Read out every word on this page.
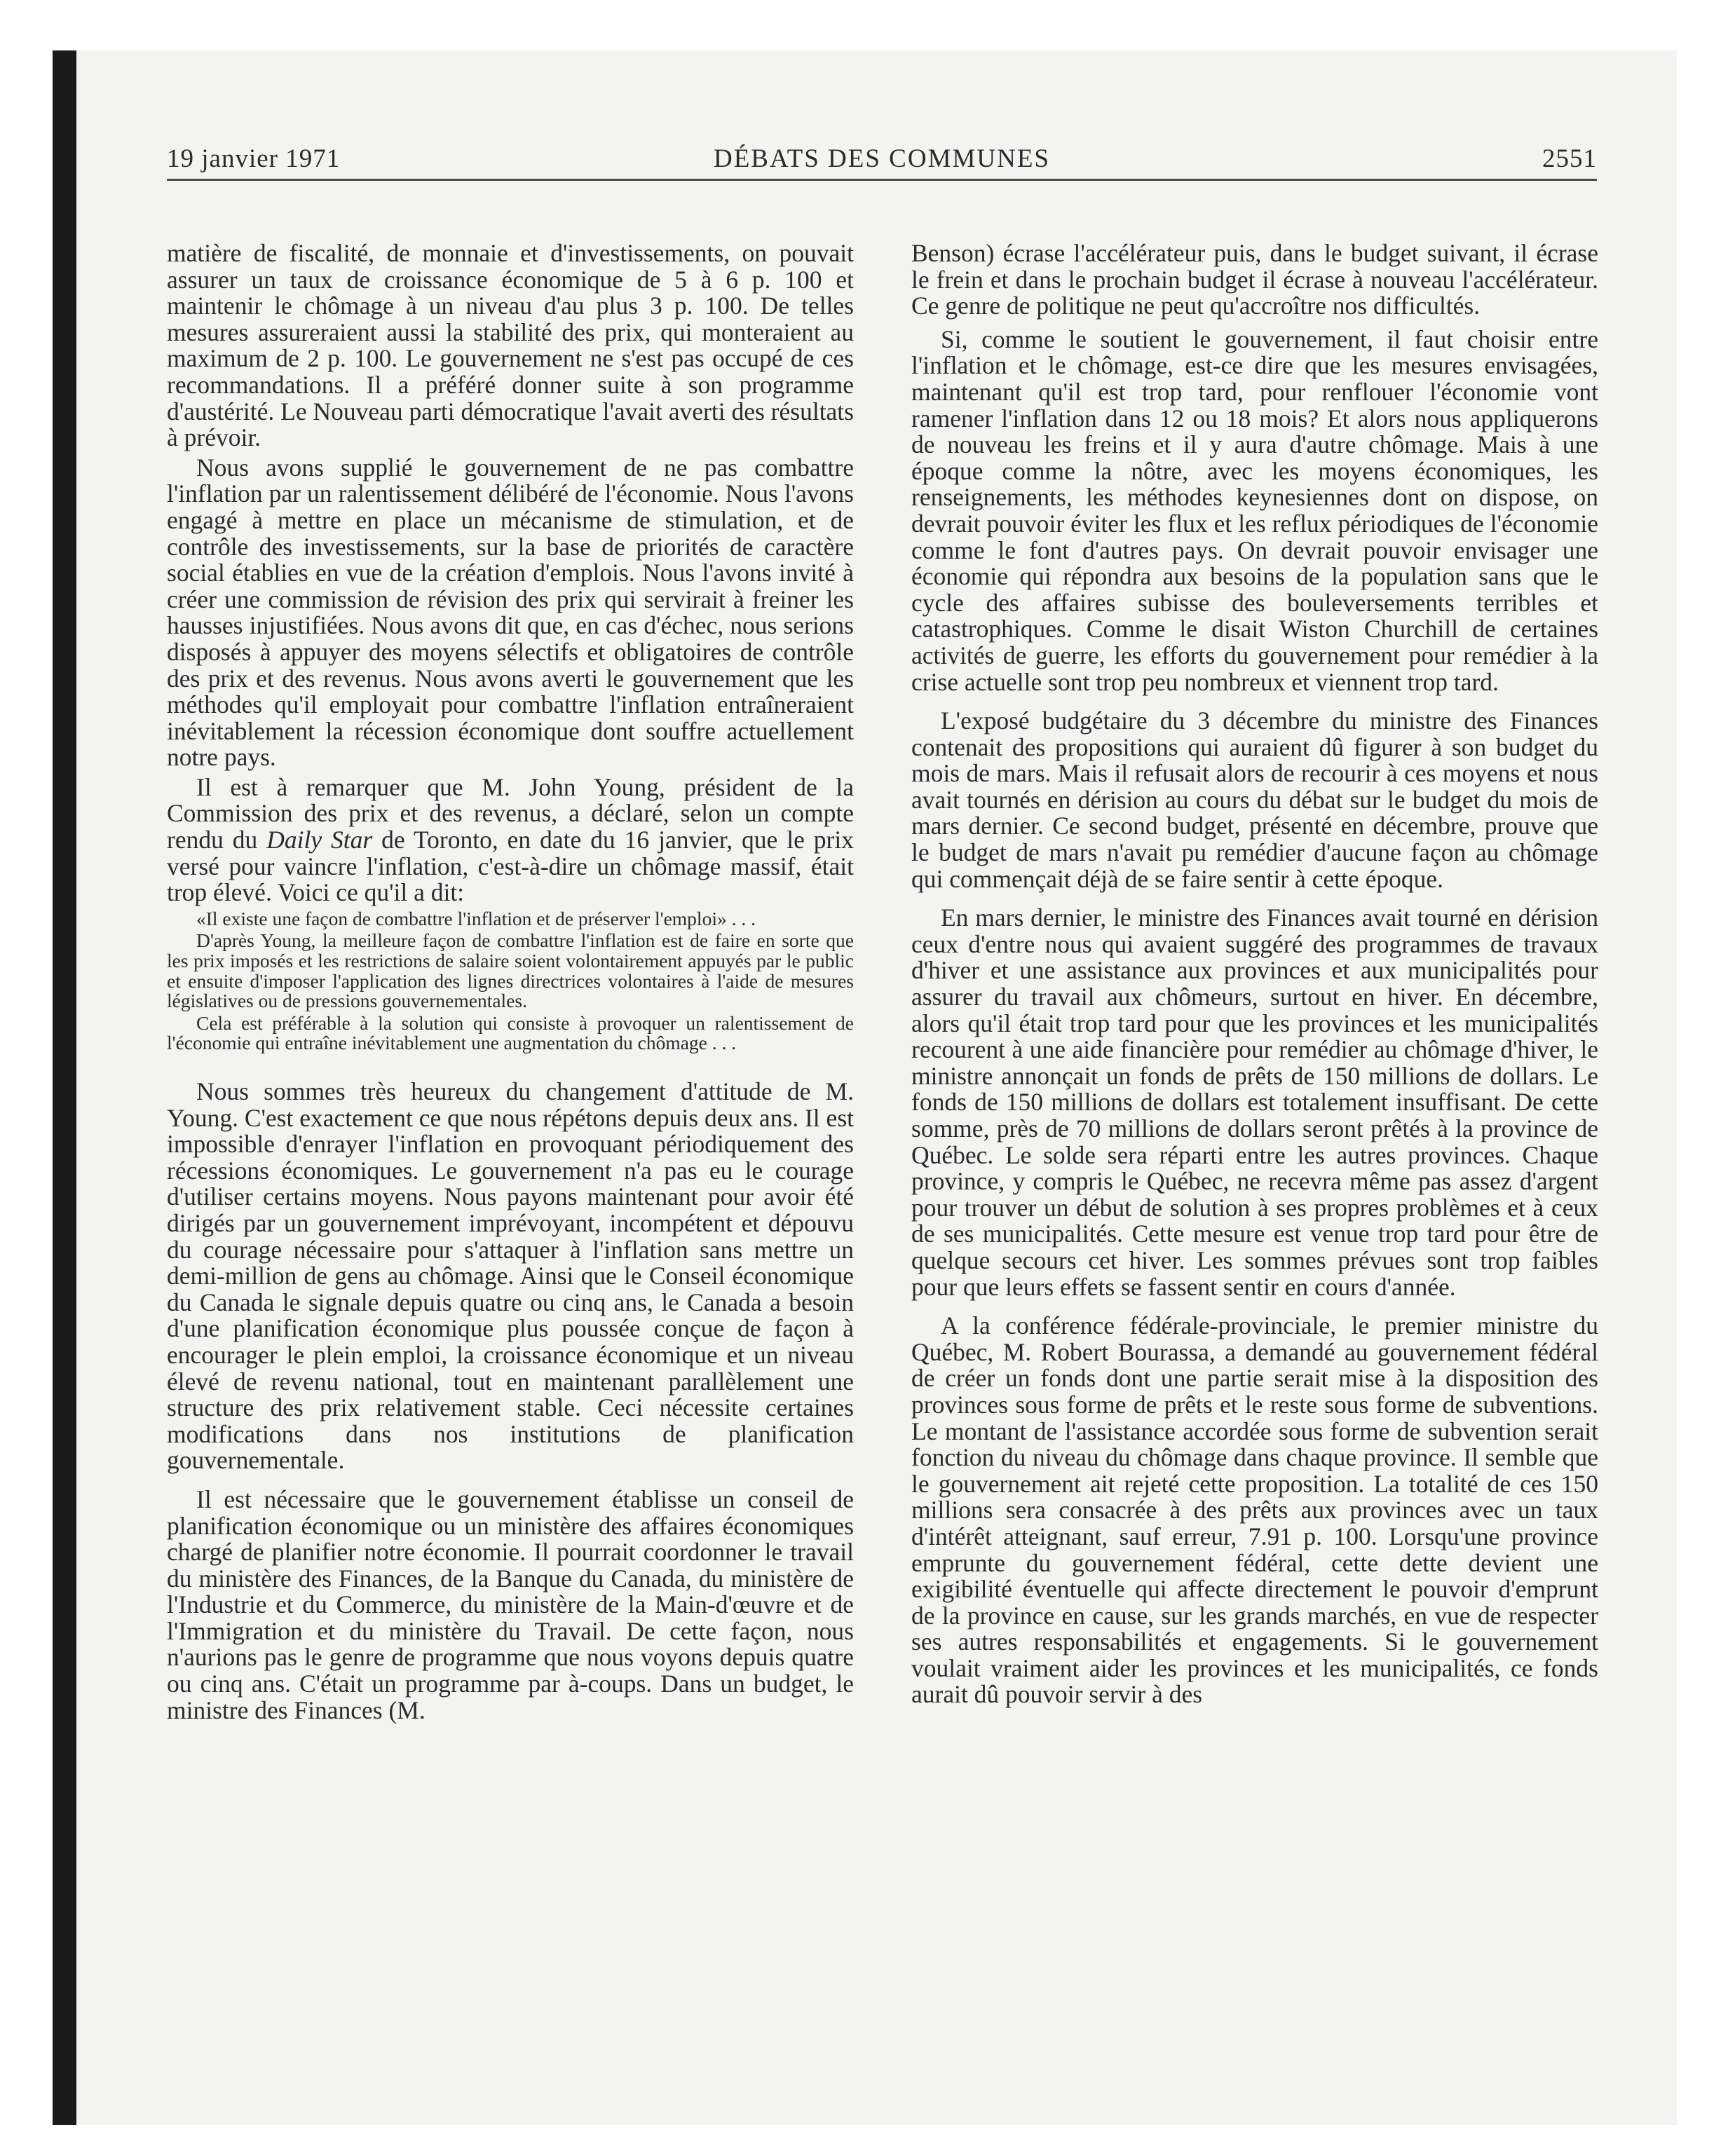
19 janvier 1971	DÉBATS DES COMMUNES	2551

matière de fiscalité, de monnaie et d'investissements, on pouvait assurer un taux de croissance économique de 5 à 6 p. 100 et maintenir le chômage à un niveau d'au plus 3 p. 100. De telles mesures assureraient aussi la stabilité des prix, qui monteraient au maximum de 2 p. 100. Le gouvernement ne s'est pas occupé de ces recommandations. Il a préféré donner suite à son programme d'austérité. Le Nouveau parti démocratique l'avait averti des résultats à prévoir.

Nous avons supplié le gouvernement de ne pas combattre l'inflation par un ralentissement délibéré de l'économie. Nous l'avons engagé à mettre en place un mécanisme de stimulation, et de contrôle des investissements, sur la base de priorités de caractère social établies en vue de la création d'emplois. Nous l'avons invité à créer une commission de révision des prix qui servirait à freiner les hausses injustifiées. Nous avons dit que, en cas d'échec, nous serions disposés à appuyer des moyens sélectifs et obligatoires de contrôle des prix et des revenus. Nous avons averti le gouvernement que les méthodes qu'il employait pour combattre l'inflation entraîneraient inévitablement la récession économique dont souffre actuellement notre pays.

Il est à remarquer que M. John Young, président de la Commission des prix et des revenus, a déclaré, selon un compte rendu du Daily Star de Toronto, en date du 16 janvier, que le prix versé pour vaincre l'inflation, c'est-à-dire un chômage massif, était trop élevé. Voici ce qu'il a dit:

«Il existe une façon de combattre l'inflation et de préserver l'emploi» . . .

D'après Young, la meilleure façon de combattre l'inflation est de faire en sorte que les prix imposés et les restrictions de salaire soient volontairement appuyés par le public et ensuite d'imposer l'application des lignes directrices volontaires à l'aide de mesures législatives ou de pressions gouvernementales.

Cela est préférable à la solution qui consiste à provoquer un ralentissement de l'économie qui entraîne inévitablement une augmentation du chômage . . .

Nous sommes très heureux du changement d'attitude de M. Young. C'est exactement ce que nous répétons depuis deux ans. Il est impossible d'enrayer l'inflation en provoquant périodiquement des récessions économiques. Le gouvernement n'a pas eu le courage d'utiliser certains moyens. Nous payons maintenant pour avoir été dirigés par un gouvernement imprévoyant, incompétent et dépouvu du courage nécessaire pour s'attaquer à l'inflation sans mettre un demi-million de gens au chômage. Ainsi que le Conseil économique du Canada le signale depuis quatre ou cinq ans, le Canada a besoin d'une planification économique plus poussée conçue de façon à encourager le plein emploi, la croissance économique et un niveau élevé de revenu national, tout en maintenant parallèlement une structure des prix relativement stable. Ceci nécessite certaines modifications dans nos institutions de planification gouvernementale.

Il est nécessaire que le gouvernement établisse un conseil de planification économique ou un ministère des affaires économiques chargé de planifier notre économie. Il pourrait coordonner le travail du ministère des Finances, de la Banque du Canada, du ministère de l'Industrie et du Commerce, du ministère de la Main-d'œuvre et de l'Immigration et du ministère du Travail. De cette façon, nous n'aurions pas le genre de programme que nous voyons depuis quatre ou cinq ans. C'était un programme par à-coups. Dans un budget, le ministre des Finances (M.

Benson) écrase l'accélérateur puis, dans le budget suivant, il écrase le frein et dans le prochain budget il écrase à nouveau l'accélérateur. Ce genre de politique ne peut qu'accroître nos difficultés.

Si, comme le soutient le gouvernement, il faut choisir entre l'inflation et le chômage, est-ce dire que les mesures envisagées, maintenant qu'il est trop tard, pour renflouer l'économie vont ramener l'inflation dans 12 ou 18 mois? Et alors nous appliquerons de nouveau les freins et il y aura d'autre chômage. Mais à une époque comme la nôtre, avec les moyens économiques, les renseignements, les méthodes keynesiennes dont on dispose, on devrait pouvoir éviter les flux et les reflux périodiques de l'économie comme le font d'autres pays. On devrait pouvoir envisager une économie qui répondra aux besoins de la population sans que le cycle des affaires subisse des bouleversements terribles et catastrophiques. Comme le disait Wiston Churchill de certaines activités de guerre, les efforts du gouvernement pour remédier à la crise actuelle sont trop peu nombreux et viennent trop tard.

L'exposé budgétaire du 3 décembre du ministre des Finances contenait des propositions qui auraient dû figurer à son budget du mois de mars. Mais il refusait alors de recourir à ces moyens et nous avait tournés en dérision au cours du débat sur le budget du mois de mars dernier. Ce second budget, présenté en décembre, prouve que le budget de mars n'avait pu remédier d'aucune façon au chômage qui commençait déjà de se faire sentir à cette époque.

En mars dernier, le ministre des Finances avait tourné en dérision ceux d'entre nous qui avaient suggéré des programmes de travaux d'hiver et une assistance aux provinces et aux municipalités pour assurer du travail aux chômeurs, surtout en hiver. En décembre, alors qu'il était trop tard pour que les provinces et les municipalités recourent à une aide financière pour remédier au chômage d'hiver, le ministre annonçait un fonds de prêts de 150 millions de dollars. Le fonds de 150 millions de dollars est totalement insuffisant. De cette somme, près de 70 millions de dollars seront prêtés à la province de Québec. Le solde sera réparti entre les autres provinces. Chaque province, y compris le Québec, ne recevra même pas assez d'argent pour trouver un début de solution à ses propres problèmes et à ceux de ses municipalités. Cette mesure est venue trop tard pour être de quelque secours cet hiver. Les sommes prévues sont trop faibles pour que leurs effets se fassent sentir en cours d'année.

A la conférence fédérale-provinciale, le premier ministre du Québec, M. Robert Bourassa, a demandé au gouvernement fédéral de créer un fonds dont une partie serait mise à la disposition des provinces sous forme de prêts et le reste sous forme de subventions. Le montant de l'assistance accordée sous forme de subvention serait fonction du niveau du chômage dans chaque province. Il semble que le gouvernement ait rejeté cette proposition. La totalité de ces 150 millions sera consacrée à des prêts aux provinces avec un taux d'intérêt atteignant, sauf erreur, 7.91 p. 100. Lorsqu'une province emprunte du gouvernement fédéral, cette dette devient une exigibilité éventuelle qui affecte directement le pouvoir d'emprunt de la province en cause, sur les grands marchés, en vue de respecter ses autres responsabilités et engagements. Si le gouvernement voulait vraiment aider les provinces et les municipalités, ce fonds aurait dû pouvoir servir à des
